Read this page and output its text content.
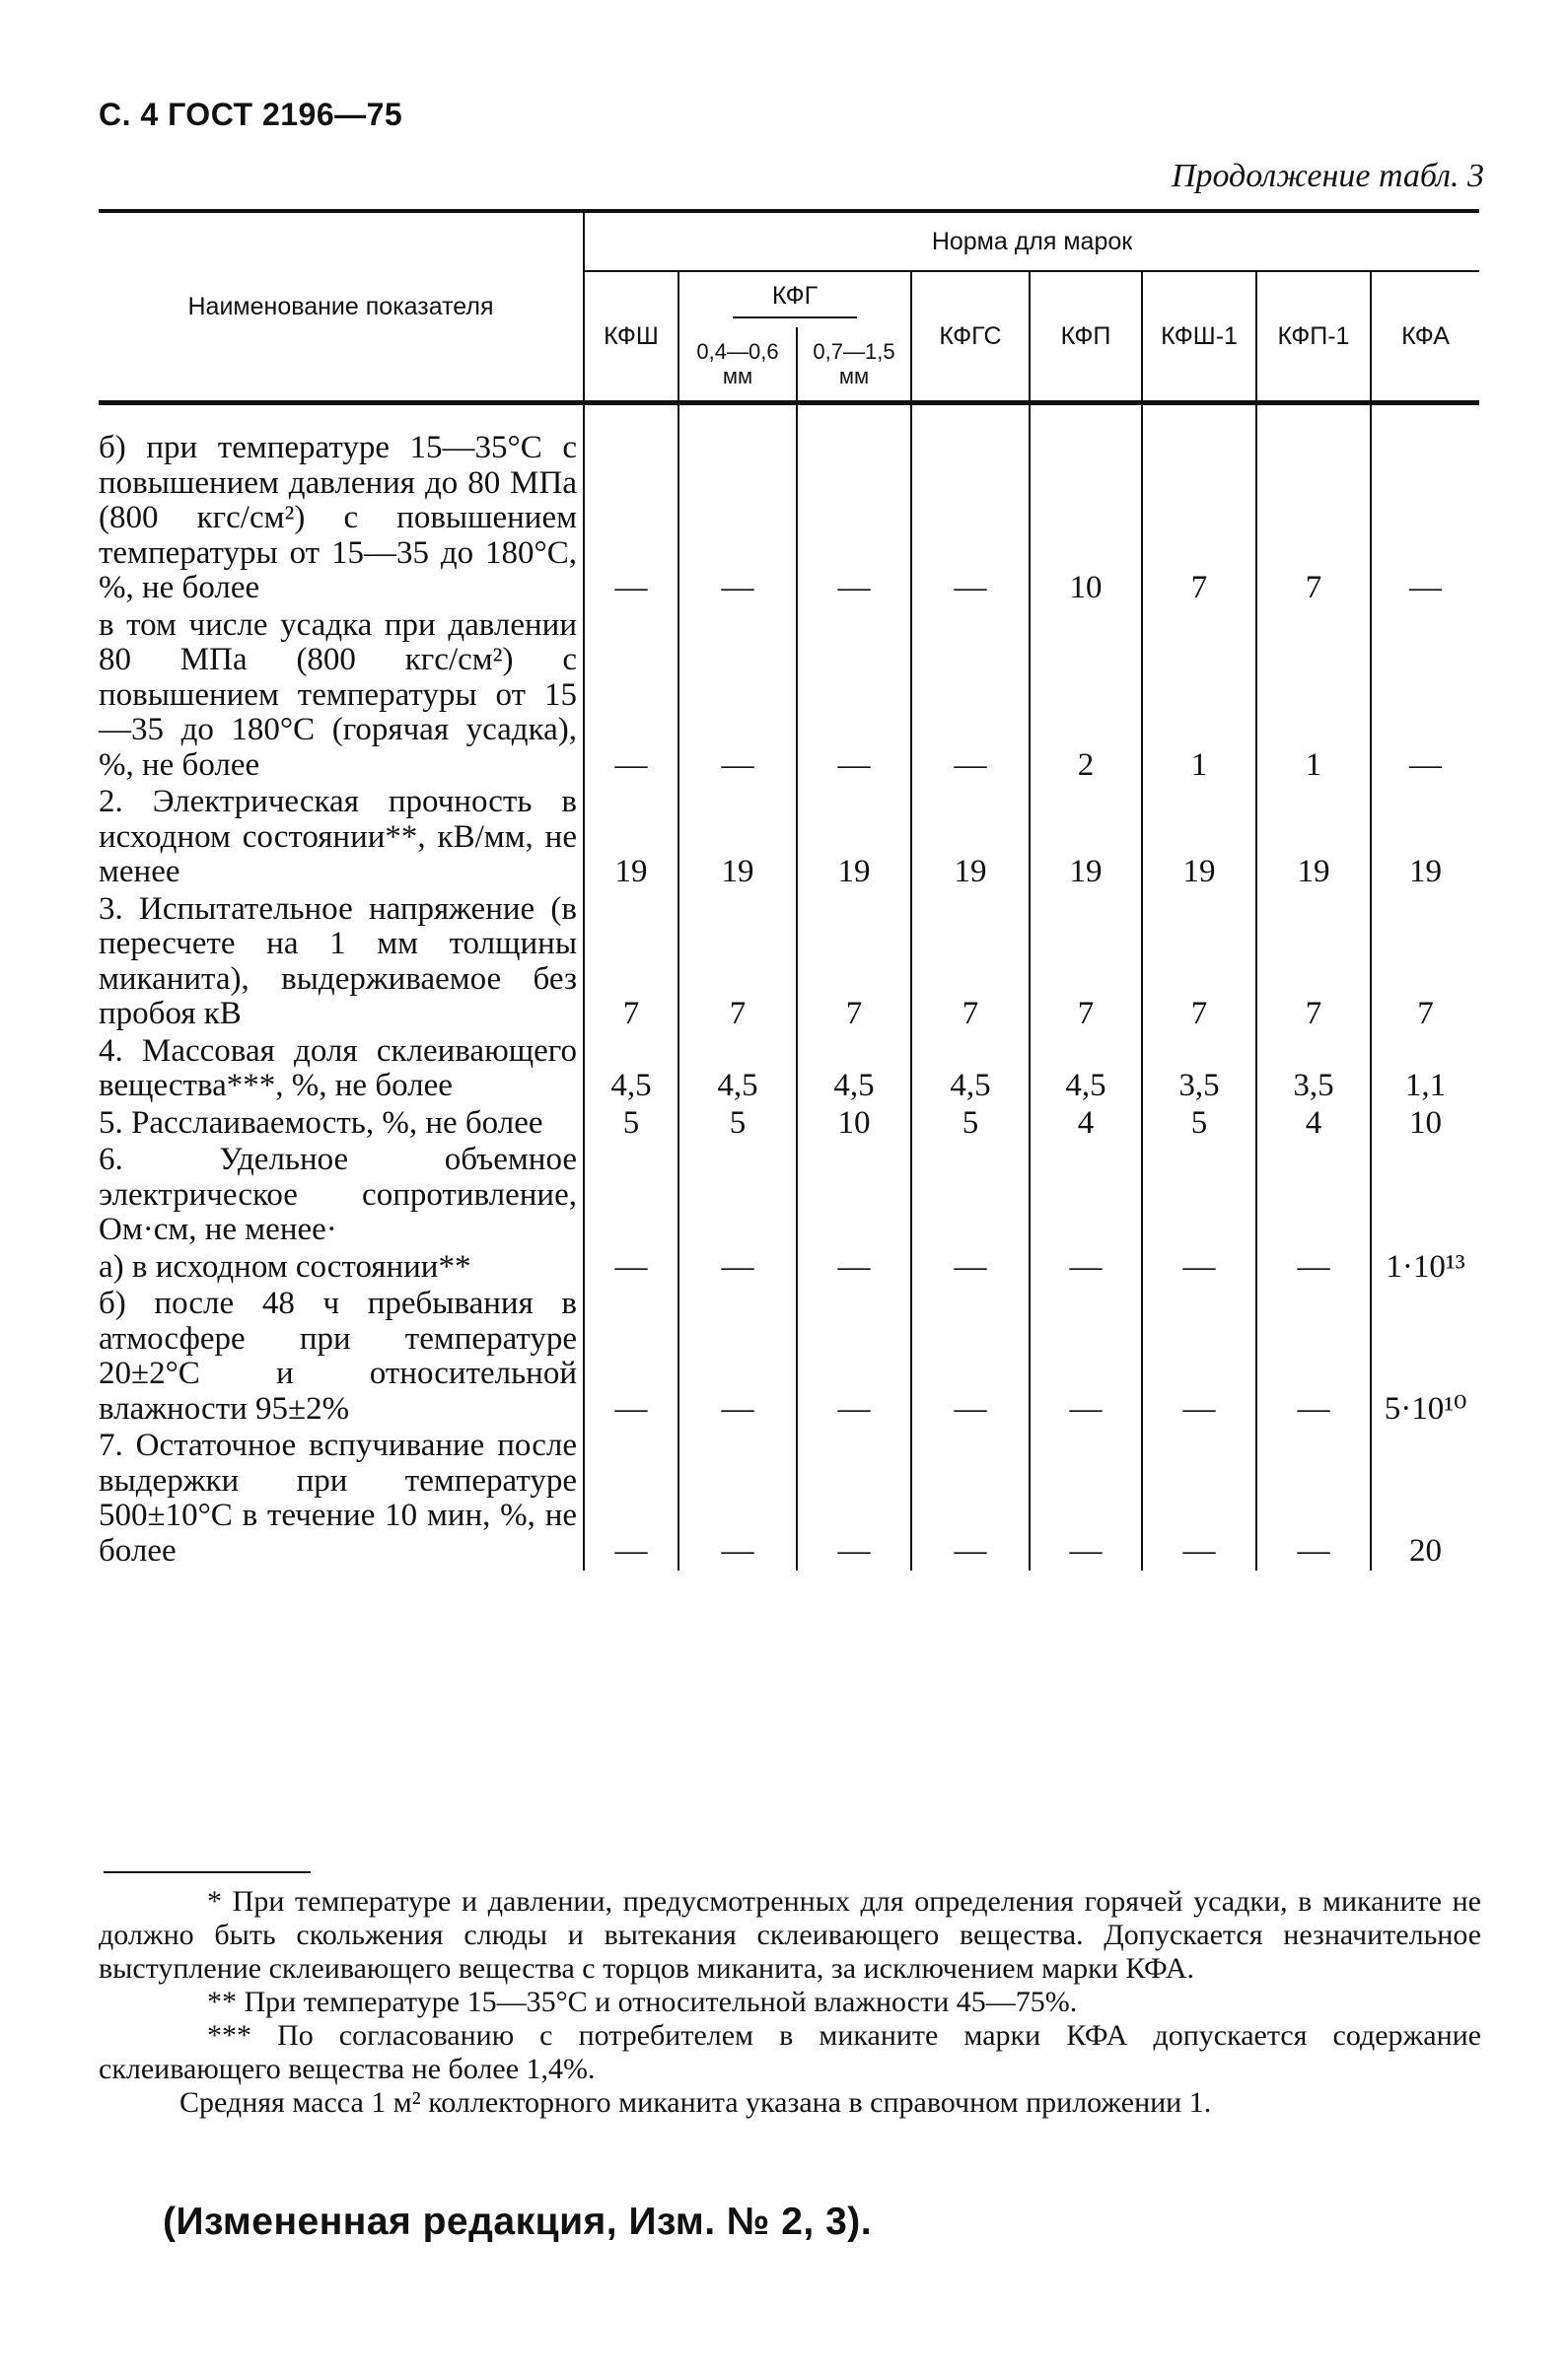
С. 4 ГОСТ 2196—75
Продолжение табл. 3
Наименование показателя	Норма для марок							
	КФШ	КФГ		КФГС	КФП	КФШ-1	КФП-1	КФА
		0,4—0,6 мм	0,7—1,5 мм					
б) при температуре 15—35°С с повышением давления до 80 МПа (800 кгс/см²) с повышением температуры от 15—35 до 180°С, %, не более	—	—	—	—	10	7	7	—
в том числе усадка при давлении 80 МПа (800 кгс/см²) с повышением температуры от 15—35 до 180°С (горячая усадка), %, не более	—	—	—	—	2	1	1	—
2. Электрическая прочность в исходном состоянии**, кВ/мм, не менее	19	19	19	19	19	19	19	19
3. Испытательное напряжение (в пересчете на 1 мм толщины миканита), выдерживаемое без пробоя кВ	7	7	7	7	7	7	7	7
4. Массовая доля склеивающего вещества***, %, не более	4,5	4,5	4,5	4,5	4,5	3,5	3,5	1,1
5. Расслаиваемость, %, не более	5	5	10	5	4	5	4	10
6. Удельное объемное электрическое сопротивление, Ом·см, не менее·								
а) в исходном состоянии**	—	—	—	—	—	—	—	1·10¹³
б) после 48 ч пребывания в атмосфере при температуре 20±2°С и относительной влажности 95±2%	—	—	—	—	—	—	—	5·10¹⁰
7. Остаточное вспучивание после выдержки при температуре 500±10°С в течение 10 мин, %, не более	—	—	—	—	—	—	—	20

* При температуре и давлении, предусмотренных для определения горячей усадки, в миканите не должно быть скольжения слюды и вытекания склеивающего вещества. Допускается незначительное выступление склеивающего вещества с торцов миканита, за исключением марки КФА.

** При температуре 15—35°С и относительной влажности 45—75%.

*** По согласованию с потребителем в миканите марки КФА допускается содержание склеивающего вещества не более 1,4%.

Средняя масса 1 м² коллекторного миканита указана в справочном приложении 1.

(Измененная редакция, Изм. № 2, 3).
